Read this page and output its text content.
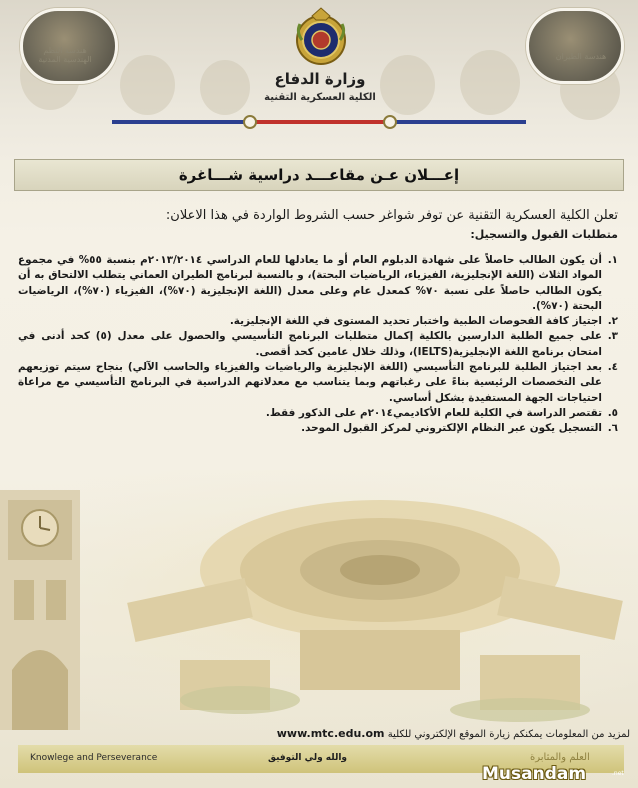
هندسة النظم الهندسية المدنية	هندسة الطيران
وزارة الدفاع
الكلية العسكرية التقنية
إعـــلان عـن مقاعـــد دراسية شـــاغرة

تعلن الكلية العسكرية التقنية عن توفر شواغر حسب الشروط الواردة في هذا الاعلان:

متطلبات القبول والتسجيل:

١.
أن يكون الطالب حاصلاً على شهادة الدبلوم العام أو ما يعادلها للعام الدراسي ٢٠١٣/٢٠١٤م بنسبة ٥٥% في مجموع المواد الثلاث (اللغة الإنجليزية، الفيزياء، الرياضيات البحتة)، و بالنسبة لبرنامج الطيران العماني يتطلب الالتحاق به أن يكون الطالب حاصلاً على نسبة ٧٠% كمعدل عام وعلى معدل (اللغة الإنجليزية (٧٠%)، الفيزياء (٧٠%)، الرياضيات البحتة (٧٠%).
٢.
اجتياز كافة الفحوصات الطبية واختبار تحديد المستوى في اللغة الإنجليزية.
٣.
على جميع الطلبة الدارسين بالكلية إكمال متطلبات البرنامج التأسيسي والحصول على معدل (٥) كحد أدنى في امتحان برنامج اللغة الإنجليزية(IELTS)، وذلك خلال عامين كحد أقصى.
٤.
بعد اجتياز الطلبة للبرنامج التأسيسي (اللغة الإنجليزية والرياضيات والفيزياء والحاسب الآلي) بنجاح سيتم توزيعهم على التخصصات الرئيسية بناءً على رغباتهم وبما يتناسب مع معدلاتهم الدراسية في البرنامج التأسيسي مع مراعاة احتياجات الجهة المستفيدة بشكل أساسي.
٥.
تقتصر الدراسة في الكلية للعام الأكاديمي٢٠١٤م على الذكور فقط.
٦.
التسجيل يكون عبر النظام الإلكتروني لمركز القبول الموحد.
لمزيد من المعلومات يمكنكم زيارة الموقع الإلكتروني للكلية www.mtc.edu.om
Knowlege and Perseverance	والله ولي التوفيق	العلم والمثابرة
Musandam	.net
